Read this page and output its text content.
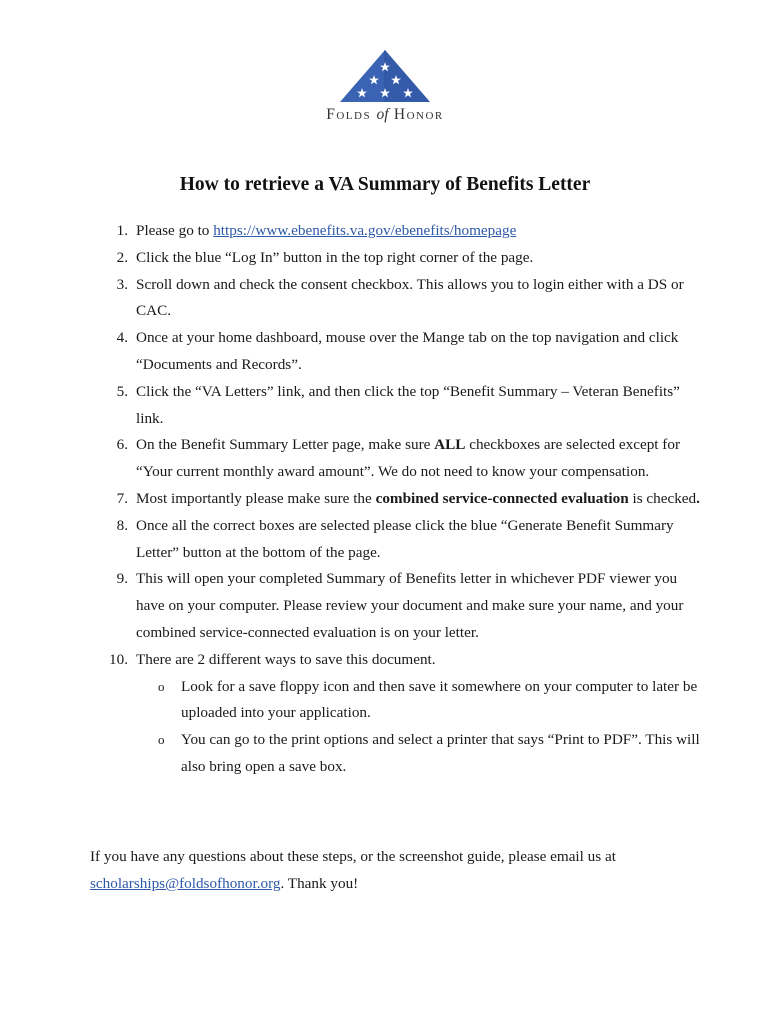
Folds of Honor
How to retrieve a VA Summary of Benefits Letter
1. Please go to https://www.ebenefits.va.gov/ebenefits/homepage
2. Click the blue “Log In” button in the top right corner of the page.
3. Scroll down and check the consent checkbox. This allows you to login either with a DS or CAC.
4. Once at your home dashboard, mouse over the Mange tab on the top navigation and click “Documents and Records”.
5. Click the “VA Letters” link, and then click the top “Benefit Summary – Veteran Benefits” link.
6. On the Benefit Summary Letter page, make sure ALL checkboxes are selected except for “Your current monthly award amount”. We do not need to know your compensation.
7. Most importantly please make sure the combined service-connected evaluation is checked.
8. Once all the correct boxes are selected please click the blue “Generate Benefit Summary Letter” button at the bottom of the page.
9. This will open your completed Summary of Benefits letter in whichever PDF viewer you have on your computer. Please review your document and make sure your name, and your combined service-connected evaluation is on your letter.
10. There are 2 different ways to save this document.
o Look for a save floppy icon and then save it somewhere on your computer to later be uploaded into your application.
o You can go to the print options and select a printer that says “Print to PDF”. This will also bring open a save box.

If you have any questions about these steps, or the screenshot guide, please email us at scholarships@foldsofhonor.org. Thank you!
